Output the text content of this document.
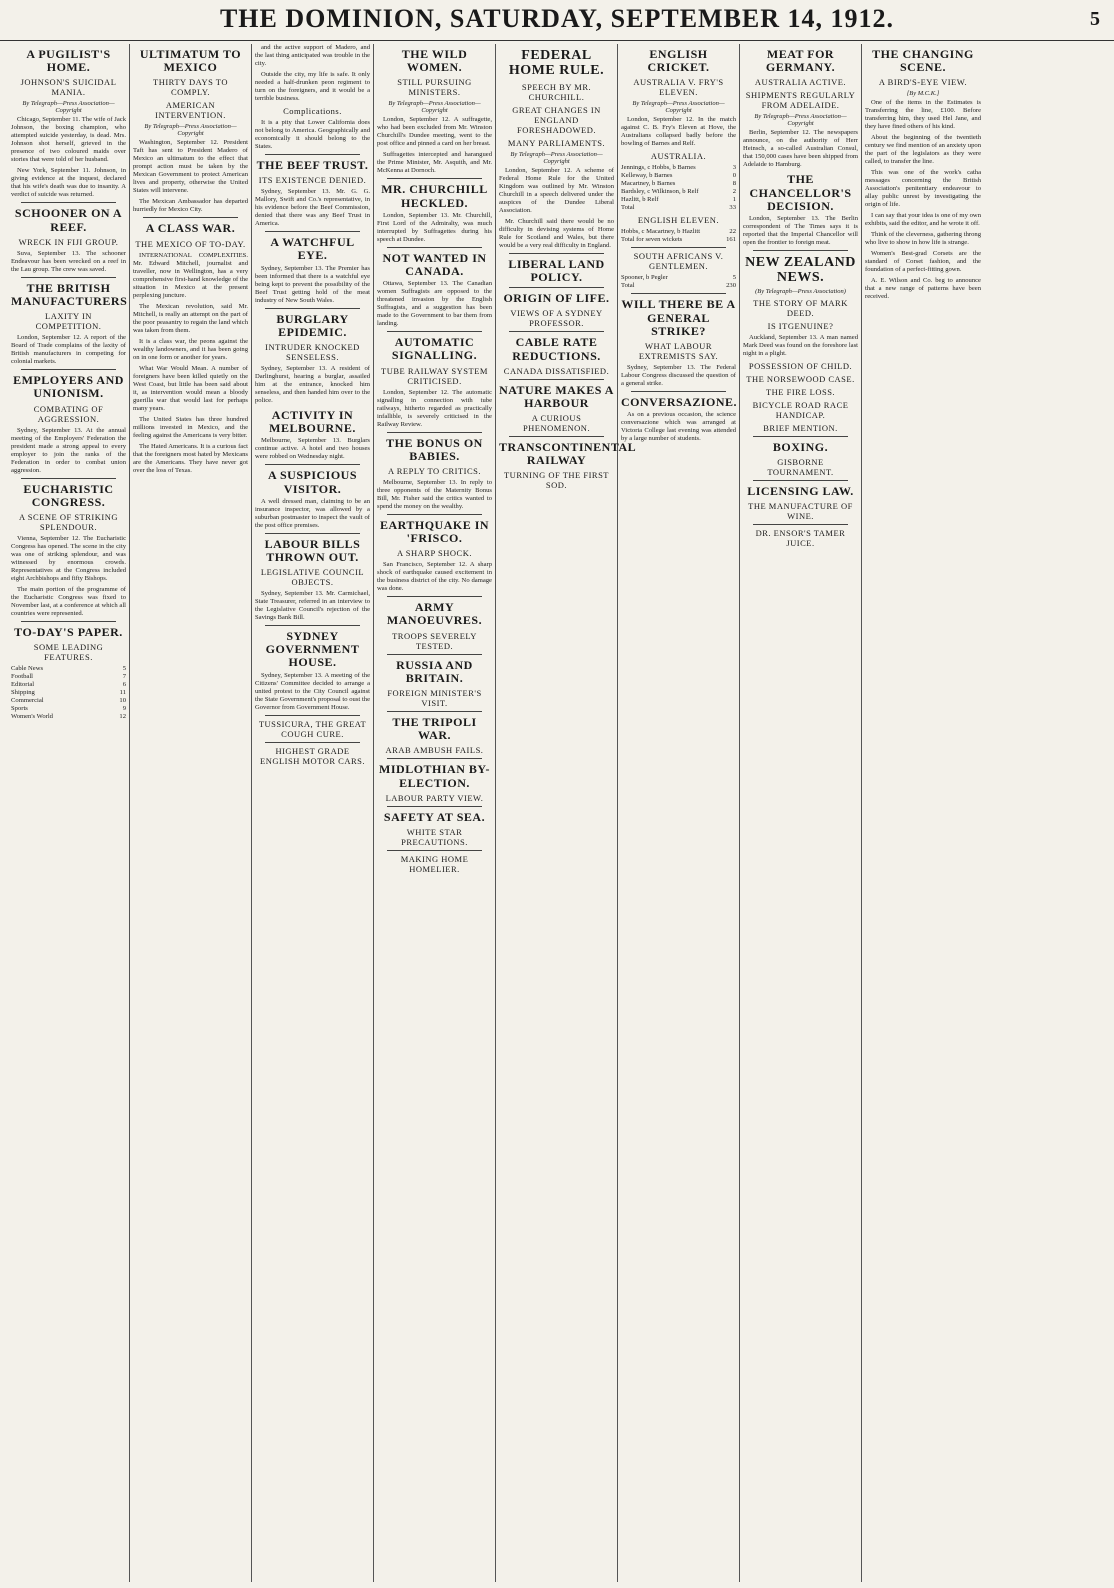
THE DOMINION, SATURDAY, SEPTEMBER 14, 1912.	5
A PUGILIST'S HOME.
JOHNSON'S SUICIDAL MANIA.
By Telegraph—Press Association—Copyright
Chicago, September 11. The wife of Jack Johnson, the boxing champion, who attempted suicide yesterday, is dead. Mrs. Johnson shot herself, grieved in the presence of two coloured maids over stories that were told of her husband.
New York, September 11. Johnson, in giving evidence at the inquest, declared that his wife's death was due to insanity. A verdict of suicide was returned.
SCHOONER ON A REEF.
WRECK IN FIJI GROUP.
Suva, September 13. The schooner Endeavour has been wrecked on a reef in the Lau group. The crew was saved.
THE BRITISH MANUFACTURERS
LAXITY IN COMPETITION.
London, September 12. A report of the Board of Trade complains of the laxity of British manufacturers in competing for colonial markets.
EMPLOYERS AND UNIONISM.
COMBATING OF AGGRESSION.
Sydney, September 13. At the annual meeting of the Employers' Federation the president made a strong appeal to every employer to join the ranks of the Federation in order to combat union aggression.
EUCHARISTIC CONGRESS.
A SCENE OF STRIKING SPLENDOUR.
Vienna, September 12. The Eucharistic Congress has opened. The scene in the city was one of striking splendour, and was witnessed by enormous crowds. Representatives at the Congress included eight Archbishops and fifty Bishops.
The main portion of the programme of the Eucharistic Congress was fixed to November last, at a conference at which all countries were represented.
TO-DAY'S PAPER.
SOME LEADING FEATURES.
Cable News	5
Football	7
Editorial	6
Shipping	11
Commercial	10
Sports	9
Women's World	12
ULTIMATUM TO MEXICO
THIRTY DAYS TO COMPLY.
AMERICAN INTERVENTION.
By Telegraph—Press Association—Copyright
Washington, September 12. President Taft has sent to President Madero of Mexico an ultimatum to the effect that prompt action must be taken by the Mexican Government to protect American lives and property, otherwise the United States will intervene.
The Mexican Ambassador has departed hurriedly for Mexico City.
A CLASS WAR.
THE MEXICO OF TO-DAY.
INTERNATIONAL COMPLEXITIES. Mr. Edward Mitchell, journalist and traveller, now in Wellington, has a very comprehensive first-hand knowledge of the situation in Mexico at the present perplexing juncture.
The Mexican revolution, said Mr. Mitchell, is really an attempt on the part of the poor peasantry to regain the land which was taken from them.
It is a class war, the peons against the wealthy landowners, and it has been going on in one form or another for years.
What War Would Mean. A number of foreigners have been killed quietly on the West Coast, but little has been said about it, as intervention would mean a bloody guerilla war that would last for perhaps many years.
The United States has three hundred millions invested in Mexico, and the feeling against the Americans is very bitter.
The Hated Americans. It is a curious fact that the foreigners most hated by Mexicans are the Americans. They have never got over the loss of Texas.
and the active support of Madero, and the last thing anticipated was trouble in the city.
Outside the city, my life is safe. It only needed a half-drunken peon regiment to turn on the foreigners, and it would be a terrible business.
Complications.
It is a pity that Lower California does not belong to America. Geographically and economically it should belong to the States.
THE BEEF TRUST.
ITS EXISTENCE DENIED.
Sydney, September 13. Mr. G. G. Mallory, Swift and Co.'s representative, in his evidence before the Beef Commission, denied that there was any Beef Trust in America.
A WATCHFUL EYE.
Sydney, September 13. The Premier has been informed that there is a watchful eye being kept to prevent the possibility of the Beef Trust getting hold of the meat industry of New South Wales.
BURGLARY EPIDEMIC.
INTRUDER KNOCKED SENSELESS.
Sydney, September 13. A resident of Darlinghurst, hearing a burglar, assailed him at the entrance, knocked him senseless, and then handed him over to the police.
ACTIVITY IN MELBOURNE.
Melbourne, September 13. Burglars continue active. A hotel and two houses were robbed on Wednesday night.
A SUSPICIOUS VISITOR.
A well dressed man, claiming to be an insurance inspector, was allowed by a suburban postmaster to inspect the vault of the post office premises.
LABOUR BILLS THROWN OUT.
LEGISLATIVE COUNCIL OBJECTS.
Sydney, September 13. Mr. Carmichael, State Treasurer, referred in an interview to the Legislative Council's rejection of the Savings Bank Bill.
SYDNEY GOVERNMENT HOUSE.
Sydney, September 13. A meeting of the Citizens' Committee decided to arrange a united protest to the City Council against the State Government's proposal to oust the Governor from Government House.
TUSSICURA, THE GREAT COUGH CURE.
HIGHEST GRADE ENGLISH MOTOR CARS.
THE WILD WOMEN.
STILL PURSUING MINISTERS.
By Telegraph—Press Association—Copyright
London, September 12. A suffragette, who had been excluded from Mr. Winston Churchill's Dundee meeting, went to the post office and pinned a card on her breast.
Suffragettes intercepted and harangued the Prime Minister, Mr. Asquith, and Mr. McKenna at Dornoch.
MR. CHURCHILL HECKLED.
London, September 13. Mr. Churchill, First Lord of the Admiralty, was much interrupted by Suffragettes during his speech at Dundee.
NOT WANTED IN CANADA.
Ottawa, September 13. The Canadian women Suffragists are opposed to the threatened invasion by the English Suffragists, and a suggestion has been made to the Government to bar them from landing.
AUTOMATIC SIGNALLING.
TUBE RAILWAY SYSTEM CRITICISED.
London, September 12. The automatic signalling in connection with tube railways, hitherto regarded as practically infallible, is severely criticised in the Railway Review.
THE BONUS ON BABIES.
A REPLY TO CRITICS.
Melbourne, September 13. In reply to three opponents of the Maternity Bonus Bill, Mr. Fisher said the critics wanted to spend the money on the wealthy.
EARTHQUAKE IN 'FRISCO.
A SHARP SHOCK.
San Francisco, September 12. A sharp shock of earthquake caused excitement in the business district of the city. No damage was done.
ARMY MANOEUVRES.
TROOPS SEVERELY TESTED.
RUSSIA AND BRITAIN.
FOREIGN MINISTER'S VISIT.
THE TRIPOLI WAR.
ARAB AMBUSH FAILS.
MIDLOTHIAN BY-ELECTION.
LABOUR PARTY VIEW.
SAFETY AT SEA.
WHITE STAR PRECAUTIONS.
MAKING HOME HOMELIER.
FEDERAL HOME RULE.
SPEECH BY MR. CHURCHILL.
GREAT CHANGES IN ENGLAND FORESHADOWED.
MANY PARLIAMENTS.
By Telegraph—Press Association—Copyright
London, September 12. A scheme of Federal Home Rule for the United Kingdom was outlined by Mr. Winston Churchill in a speech delivered under the auspices of the Dundee Liberal Association.
Mr. Churchill said there would be no difficulty in devising systems of Home Rule for Scotland and Wales, but there would be a very real difficulty in England.
LIBERAL LAND POLICY.
ORIGIN OF LIFE.
VIEWS OF A SYDNEY PROFESSOR.
CABLE RATE REDUCTIONS.
CANADA DISSATISFIED.
NATURE MAKES A HARBOUR
A CURIOUS PHENOMENON.
TRANSCONTINENTAL RAILWAY
TURNING OF THE FIRST SOD.
ENGLISH CRICKET.
AUSTRALIA V. FRY'S ELEVEN.
By Telegraph—Press Association—Copyright
London, September 12. In the match against C. B. Fry's Eleven at Hove, the Australians collapsed badly before the bowling of Barnes and Relf.
AUSTRALIA.
Jennings, c Hobbs, b Barnes	3
Kelleway, b Barnes	0
Macartney, b Barnes	8
Bardsley, c Wilkinson, b Relf	2
Hazlitt, b Relf	1
Total	33
ENGLISH ELEVEN.
Hobbs, c Macartney, b Hazlitt	22
Total for seven wickets	161
SOUTH AFRICANS V. GENTLEMEN.
Spooner, b Pegler	5
Total	230
WILL THERE BE A GENERAL STRIKE?
WHAT LABOUR EXTREMISTS SAY.
Sydney, September 13. The Federal Labour Congress discussed the question of a general strike.
CONVERSAZIONE.
As on a previous occasion, the science conversazione which was arranged at Victoria College last evening was attended by a large number of students.
MEAT FOR GERMANY.
AUSTRALIA ACTIVE.
SHIPMENTS REGULARLY FROM ADELAIDE.
By Telegraph—Press Association—Copyright
Berlin, September 12. The newspapers announce, on the authority of Herr Heinsch, a so-called Australian Consul, that 150,000 cases have been shipped from Adelaide to Hamburg.
THE CHANCELLOR'S DECISION.
London, September 13. The Berlin correspondent of The Times says it is reported that the Imperial Chancellor will open the frontier to foreign meat.
NEW ZEALAND NEWS.
(By Telegraph—Press Association)
THE STORY OF MARK DEED.
IS ITGENUINE?
Auckland, September 13. A man named Mark Deed was found on the foreshore last night in a plight.
POSSESSION OF CHILD.
THE NORSEWOOD CASE.
THE FIRE LOSS.
BICYCLE ROAD RACE HANDICAP.
BRIEF MENTION.
BOXING.
GISBORNE TOURNAMENT.
LICENSING LAW.
THE MANUFACTURE OF WINE.
DR. ENSOR'S TAMER JUICE.
THE CHANGING SCENE.
A BIRD'S-EYE VIEW.
[By M.C.K.]
One of the items in the Estimates is Transferring the line, £100. Before transferring him, they used Hel Jane, and they have fined others of his kind.
About the beginning of the twentieth century we find mention of an anxiety upon the part of the legislators as they were called, to transfer the line.
This was one of the work's catha messages concerning the British Association's penitentiary endeavour to allay public unrest by investigating the origin of life.
I can say that your idea is one of my own exhibits, said the editor, and he wrote it off.
Think of the cleverness, gathering throng who live to show in how life is strange.
Women's Best-grad Corsets are the standard of Corset fashion, and the foundation of a perfect-fitting gown.
A. E. Wilson and Co. beg to announce that a new range of patterns have been received.
